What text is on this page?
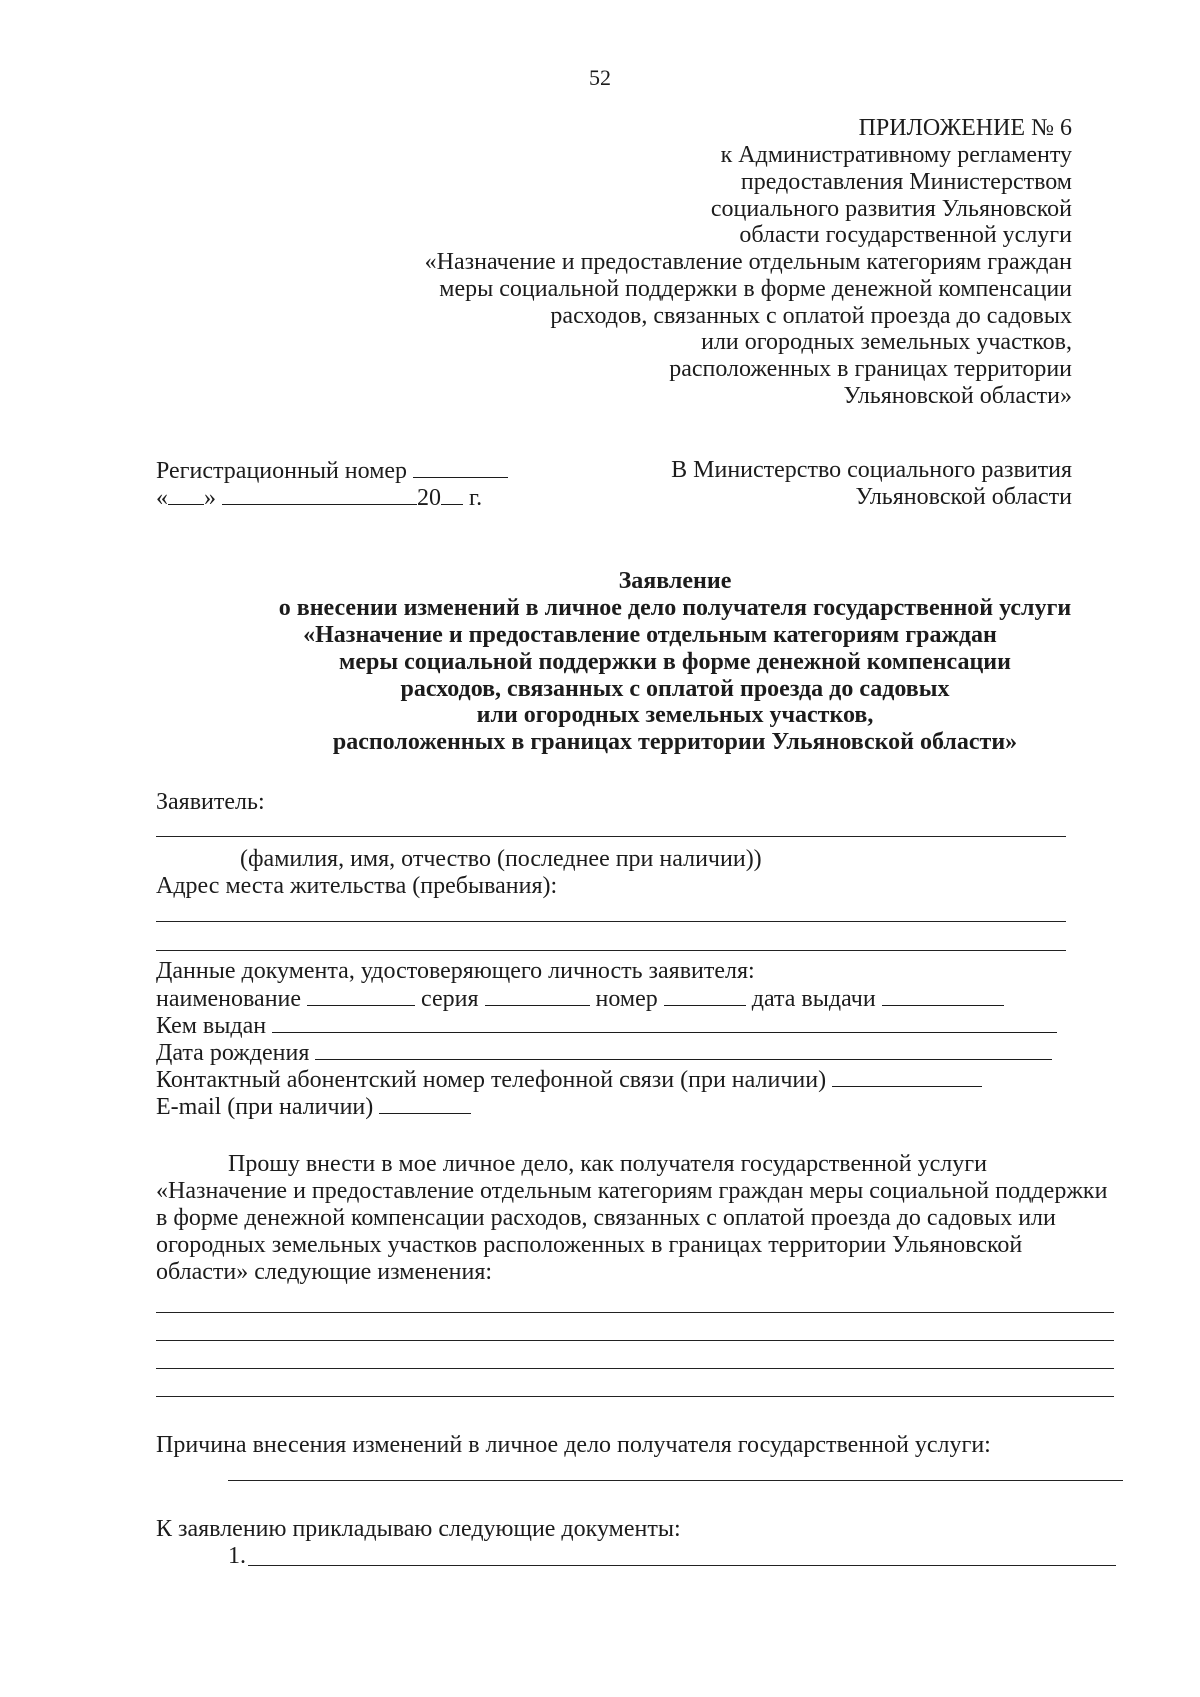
52
ПРИЛОЖЕНИЕ № 6
к Административному регламенту
предоставления Министерством
социального развития Ульяновской
области государственной услуги
«Назначение и предоставление отдельным категориям граждан
меры социальной поддержки в форме денежной компенсации
расходов, связанных с оплатой проезда до садовых
или огородных земельных участков,
расположенных в границах территории
Ульяновской области»
Регистрационный номер
« »	20 г.
В Министерство социального развития
Ульяновской области
Заявление
о внесении изменений в личное дело получателя государственной услуги
«Назначение и предоставление отдельным категориям граждан
меры социальной поддержки в форме денежной компенсации
расходов, связанных с оплатой проезда до садовых
или огородных земельных участков,
расположенных в границах территории Ульяновской области»
Заявитель:
(фамилия, имя, отчество (последнее при наличии))
Адрес места жительства (пребывания):
Данные документа, удостоверяющего личность заявителя:
наименование	серия	номер	дата выдачи
Кем выдан
Дата рождения
Контактный абонентский номер телефонной связи (при наличии)
E-mail (при наличии)
Прошу внести в мое личное дело, как получателя государственной услуги
«Назначение и предоставление отдельным категориям граждан меры социальной поддержки
в форме денежной компенсации расходов, связанных с оплатой проезда до садовых или
огородных земельных участков расположенных в границах территории Ульяновской
области» следующие изменения:
Причина внесения изменений в личное дело получателя государственной услуги:
К заявлению прикладываю следующие документы:
1.
